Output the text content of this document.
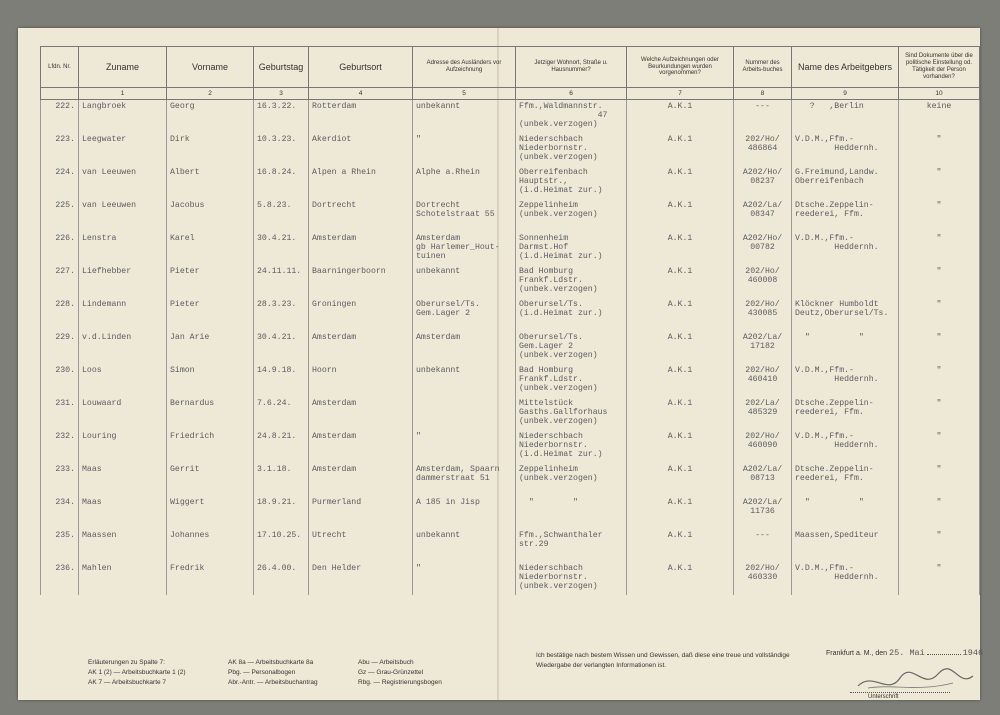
Lfdn. Nr.	Zuname	Vorname	Geburtstag	Geburtsort	Adresse des Ausländers vor Aufzeichnung	Jetziger Wohnort, Straße u. Hausnummer?	Welche Aufzeichnungen oder Beurkundungen wurden vorgenommen?	Nummer des Arbeits-buches	Name des Arbeitgebers	Sind Dokumente über die politische Einstellung od. Tätigkeit der Person vorhanden?
	1	2	3	4	5	6	7	8	9	10
222.	Langbroek	Georg	16.3.22.	Rotterdam	unbekannt	Ffm.,Waldmannstr.
47
(unbek.verzogen)	A.K.1	---	?   ,Berlin	keine
223.	Leegwater	Dirk	10.3.23.	Akerdiot	"	Niederschbach
Niederbornstr.
(unbek.verzogen)	A.K.1	202/Ho/
486864	V.D.M.,Ffm.-
Heddernh.	"
224.	van Leeuwen	Albert	16.8.24.	Alpen a Rhein	Alphe a.Rhein	Oberreifenbach
Hauptstr.,
(i.d.Heimat zur.)	A.K.1	A202/Ho/
08237	G.Freimund,Landw.
Oberreifenbach	"
225.	van Leeuwen	Jacobus	5.8.23.	Dortrecht	Dortrecht
Schotelstraat 55	Zeppelinheim
(unbek.verzogen)	A.K.1	A202/La/
08347	Dtsche.Zeppelin-
reederei, Ffm.	"
226.	Lenstra	Karel	30.4.21.	Amsterdam	Amsterdam
gb Harlemer_Hout-
tuinen	Sonnenheim
Darmst.Hof
(i.d.Heimat zur.)	A.K.1	A202/Ho/
00782	V.D.M.,Ffm.-
Heddernh.	"
227.	Liefhebber	Pieter	24.11.11.	Baarningerboorn	unbekannt	Bad Homburg
Frankf.Ldstr.
(unbek.verzogen)	A.K.1	202/Ho/
460008		"
228.	Lindemann	Pieter	28.3.23.	Groningen	Oberursel/Ts.
Gem.Lager 2	Oberursel/Ts.
(i.d.Heimat zur.)	A.K.1	202/Ho/
430085	Klöckner Humboldt
Deutz,Oberursel/Ts.	"
229.	v.d.Linden	Jan Arie	30.4.21.	Amsterdam	Amsterdam	Oberursel/Ts.
Gem.Lager 2
(unbek.verzogen)	A.K.1	A202/La/
17182	"          "	"
230.	Loos	Simon	14.9.18.	Hoorn	unbekannt	Bad Homburg
Frankf.Ldstr.
(unbek.verzogen)	A.K.1	202/Ho/
460410	V.D.M.,Ffm.-
Heddernh.	"
231.	Louwaard	Bernardus	7.6.24.	Amsterdam		Mittelstück
Gasths.Gallforhaus
(unbek.verzogen)	A.K.1	202/La/
485329	Dtsche.Zeppelin-
reederei, Ffm.	"
232.	Louring	Friedrich	24.8.21.	Amsterdam	"	Niederschbach
Niederbornstr.
(i.d.Heimat zur.)	A.K.1	202/Ho/
460090	V.D.M.,Ffm.-
Heddernh.	"
233.	Maas	Gerrit	3.1.18.	Amsterdam	Amsterdam, Spaarn
dammerstraat 51	Zeppelinheim
(unbek.verzogen)	A.K.1	A202/La/
08713	Dtsche.Zeppelin-
reederei, Ffm.	"
234.	Maas	Wiggert	18.9.21.	Purmerland	A 185 in Jisp	"        "	A.K.1	A202/La/
11736	"          "	"
235.	Maassen	Johannes	17.10.25.	Utrecht	unbekannt	Ffm.,Schwanthaler
str.29	A.K.1	---	Maassen,Spediteur	"
236.	Mahlen	Fredrik	26.4.00.	Den Helder	"	Niederschbach
Niederbornstr.
(unbek.verzogen)	A.K.1	202/Ho/
460330	V.D.M.,Ffm.-
Heddernh.	"
Erläuterungen zu Spalte 7:
AK 1 (2) — Arbeitsbuchkarte 1 (2)
AK 7 — Arbeitsbuchkarte 7
AK 8a — Arbeitsbuchkarte 8a
Pbg. — Personalbogen
Abr.-Antr. — Arbeitsbuchantrag
Abu — Arbeitsbuch
Gz — Grau-Grünzettel
Rbg. — Registrierungsbogen
Ich bestätige nach bestem Wissen und Gewissen, daß diese eine treue und vollständige Wiedergabe der verlangten Informationen ist.
Frankfurt a. M., den 25. Mai	1946
Unterschrift
